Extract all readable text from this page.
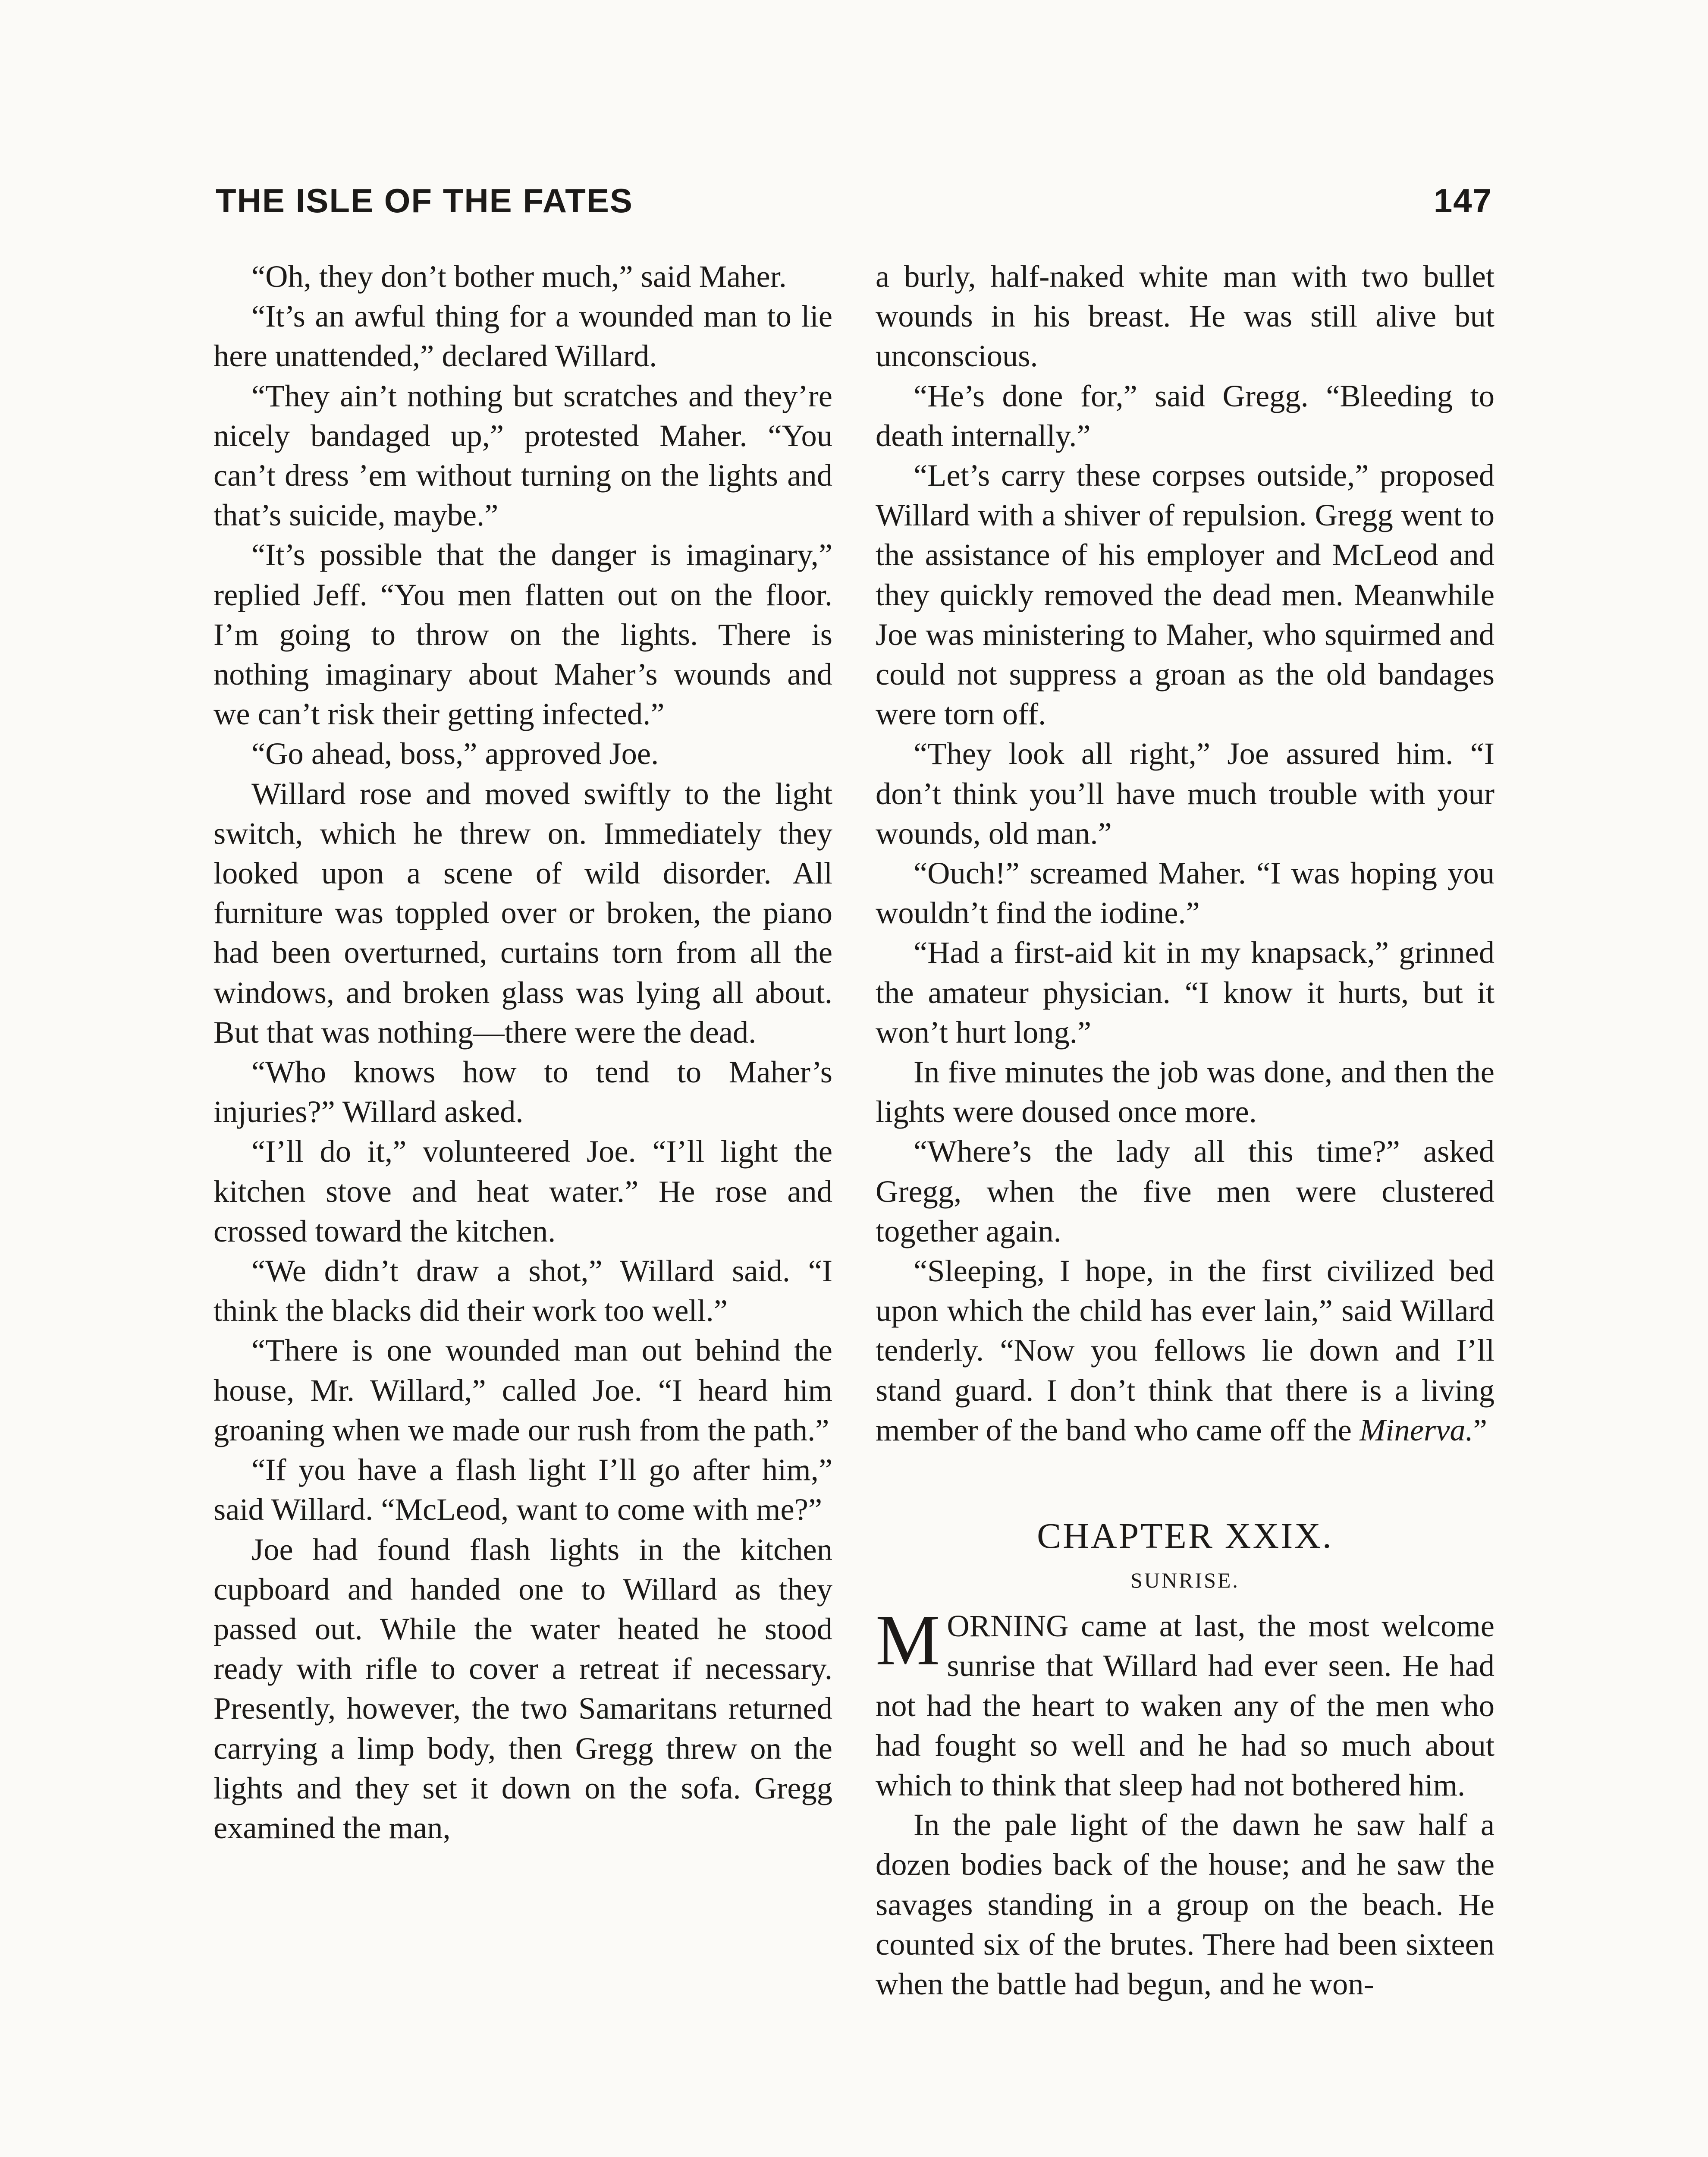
THE ISLE OF THE FATES	147

“Oh, they don’t bother much,” said Maher.

“It’s an awful thing for a wounded man to lie here unattended,” declared Willard.

“They ain’t nothing but scratches and they’re nicely bandaged up,” protested Maher. “You can’t dress ’em without turning on the lights and that’s suicide, maybe.”

“It’s possible that the danger is imaginary,” replied Jeff. “You men flatten out on the floor. I’m going to throw on the lights. There is nothing imaginary about Maher’s wounds and we can’t risk their getting infected.”

“Go ahead, boss,” approved Joe.

Willard rose and moved swiftly to the light switch, which he threw on. Immediately they looked upon a scene of wild disorder. All furniture was toppled over or broken, the piano had been overturned, curtains torn from all the windows, and broken glass was lying all about. But that was nothing—there were the dead.

“Who knows how to tend to Maher’s injuries?” Willard asked.

“I’ll do it,” volunteered Joe. “I’ll light the kitchen stove and heat water.” He rose and crossed toward the kitchen.

“We didn’t draw a shot,” Willard said. “I think the blacks did their work too well.”

“There is one wounded man out behind the house, Mr. Willard,” called Joe. “I heard him groaning when we made our rush from the path.”

“If you have a flash light I’ll go after him,” said Willard. “McLeod, want to come with me?”

Joe had found flash lights in the kitchen cupboard and handed one to Willard as they passed out. While the water heated he stood ready with rifle to cover a retreat if necessary. Presently, however, the two Samaritans returned carrying a limp body, then Gregg threw on the lights and they set it down on the sofa. Gregg examined the man,

a burly, half-naked white man with two bullet wounds in his breast. He was still alive but unconscious.

“He’s done for,” said Gregg. “Bleeding to death internally.”

“Let’s carry these corpses outside,” proposed Willard with a shiver of repulsion. Gregg went to the assistance of his employer and McLeod and they quickly removed the dead men. Meanwhile Joe was ministering to Maher, who squirmed and could not suppress a groan as the old bandages were torn off.

“They look all right,” Joe assured him. “I don’t think you’ll have much trouble with your wounds, old man.”

“Ouch!” screamed Maher. “I was hoping you wouldn’t find the iodine.”

“Had a first-aid kit in my knapsack,” grinned the amateur physician. “I know it hurts, but it won’t hurt long.”

In five minutes the job was done, and then the lights were doused once more.

“Where’s the lady all this time?” asked Gregg, when the five men were clustered together again.

“Sleeping, I hope, in the first civilized bed upon which the child has ever lain,” said Willard tenderly. “Now you fellows lie down and I’ll stand guard. I don’t think that there is a living member of the band who came off the Minerva.”

CHAPTER XXIX.
SUNRISE.

MORNING came at last, the most welcome sunrise that Willard had ever seen. He had not had the heart to waken any of the men who had fought so well and he had so much about which to think that sleep had not bothered him.

In the pale light of the dawn he saw half a dozen bodies back of the house; and he saw the savages standing in a group on the beach. He counted six of the brutes. There had been sixteen when the battle had begun, and he won-
